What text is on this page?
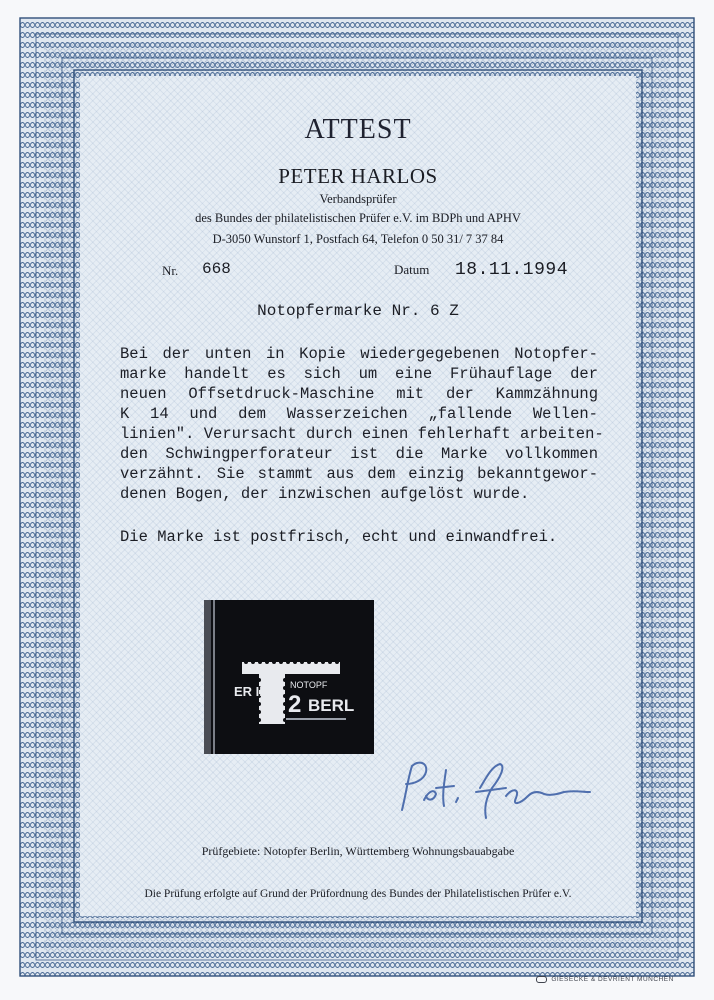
ATTEST
PETER HARLOS
Verbandsprüfer
des Bundes der philatelistischen Prüfer e.V. im BDPh und APHV
D-3050 Wunstorf 1, Postfach 64, Telefon 0 50 31/ 7 37 84
Nr. 668	Datum 18.11.1994
Notopfermarke Nr. 6 Z
Bei der unten in Kopie wiedergegebenen Notopfer-
marke handelt es sich um eine Frühauflage der
neuen Offsetdruck-Maschine mit der Kammzähnung
K 14 und dem Wasserzeichen „fallende Wellen-
linien". Verursacht durch einen fehlerhaft arbeiten-
den Schwingperforateur ist die Marke vollkommen
verzähnt. Sie stammt aus dem einzig bekanntgewor-
denen Bogen, der inzwischen aufgelöst wurde.
Die Marke ist postfrisch, echt und einwandfrei.
ER IN NOTOPF
2 BERL
Prüfgebiete: Notopfer Berlin, Württemberg Wohnungsbauabgabe
Die Prüfung erfolgte auf Grund der Prüfordnung des Bundes der Philatelistischen Prüfer e.V.
GIESECKE & DEVRIENT MÜNCHEN
